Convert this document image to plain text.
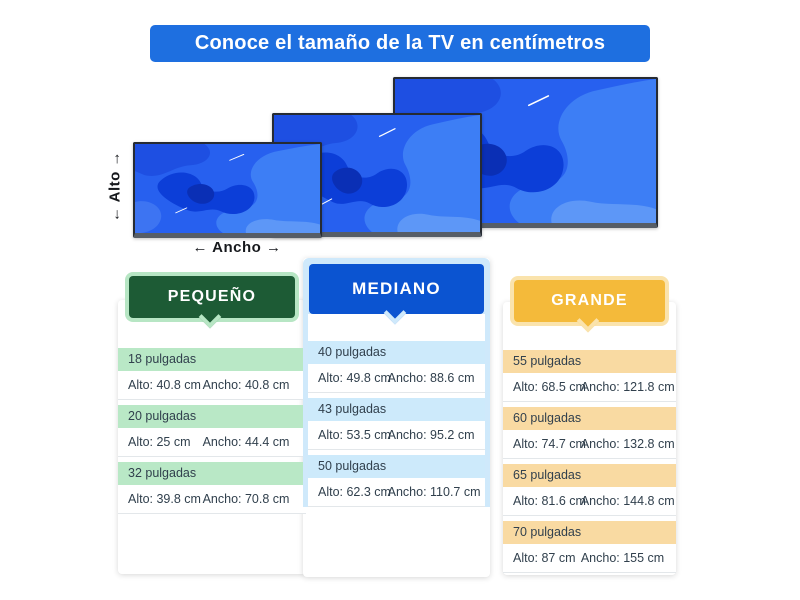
Conoce el tamaño de la TV en centímetros
← Alto →
← Ancho →
PEQUEÑO
18 pulgadas
Alto: 40.8 cm Ancho: 40.8 cm
20 pulgadas
Alto: 25 cm Ancho: 44.4 cm
32 pulgadas
Alto: 39.8 cm Ancho: 70.8 cm
MEDIANO
40 pulgadas
Alto: 49.8 cm
Ancho: 88.6 cm
43 pulgadas
Alto: 53.5 cm
Ancho: 95.2 cm
50 pulgadas
Alto: 62.3 cm
Ancho: 110.7 cm
GRANDE
55 pulgadas
Alto: 68.5 cm
Ancho: 121.8 cm
60 pulgadas
Alto: 74.7 cm
Ancho: 132.8 cm
65 pulgadas
Alto: 81.6 cm
Ancho: 144.8 cm
70 pulgadas
Alto: 87 cm Ancho: 155 cm
